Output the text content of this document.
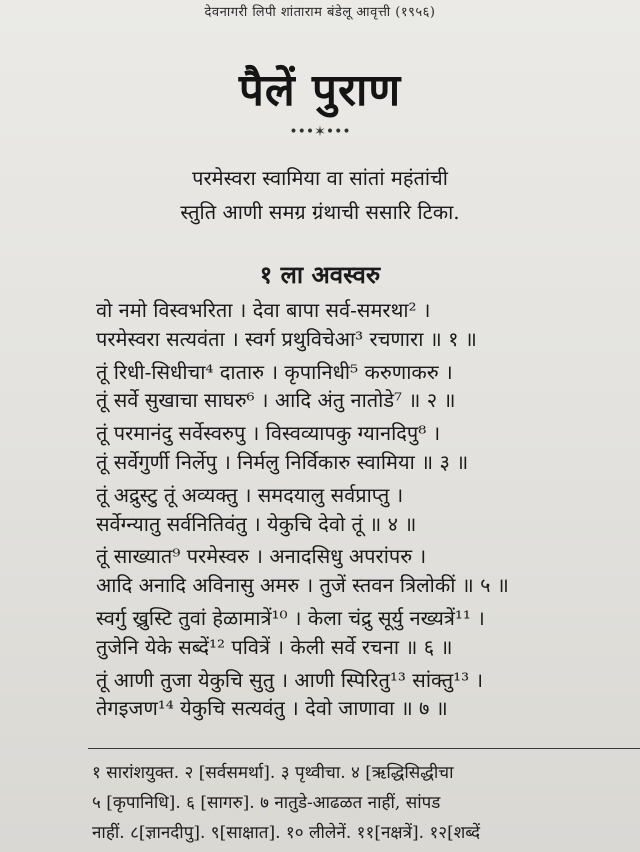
देवनागरी लिपी शांताराम बंडेलू आवृत्ती (१९५६)
पैलें पुराण
•••✶•••
परमेस्वरा स्वामिया वा सांतां महंतांची
स्तुति आणी समग्र ग्रंथाची ससारि टिका.
१ ला अवस्वरु
वो नमो विस्वभरिता । देवा बापा सर्व-समरथा² ।
परमेस्वरा सत्यवंता । स्वर्ग प्रथुविचेआ³ रचणारा ॥ १ ॥
तूं रिधी-सिधीचा⁴ दातारु । कृपानिधी⁵ करुणाकरु ।
तूं सर्वे सुखाचा साघरु⁶ । आदि अंतु नातोडे⁷ ॥ २ ॥
तूं परमानंदु सर्वेस्वरुपु । विस्वव्यापकु ग्यानदिपु⁸ ।
तूं सर्वेगुर्णी निर्लेपु । निर्मलु निर्विकारु स्वामिया ॥ ३ ॥
तूं अद्रुस्टु तूं अव्यक्तु । समदयालु सर्वप्राप्तु ।
सर्वेग्न्यातु सर्वनितिवंतु । येकुचि देवो तूं ॥ ४ ॥
तूं साख्यात⁹ परमेस्वरु । अनादसिधु अपरांपरु ।
आदि अनादि अविनासु अमरु । तुजें स्तवन त्रिलोकीं ॥ ५ ॥
स्वर्गु ख्रुस्टि तुवां हेळामात्रें¹⁰ । केला चंद्रु सूर्यु नख्यत्रें¹¹ ।
तुजेनि येके सब्दें¹² पवित्रें । केली सर्वे रचना ॥ ६ ॥
तूं आणी तुजा येकुचि सुतु । आणी स्पिरितु¹³ सांक्तु¹³ ।
तेगइजण¹⁴ येकुचि सत्यवंतु । देवो जाणावा ॥ ७ ॥
१ सारांशयुक्त. २ [सर्वसमर्था]. ३ पृथ्वीचा. ४ [ऋद्धिसिद्धीचा
५ [कृपानिधि]. ६ [सागरु]. ७ नातुडे-आढळत नाहीं, सांपड
नाहीं. ८[ज्ञानदीपु]. ९[साक्षात]. १० लीलेनें. ११[नक्षत्रें]. १२[शब्दें
